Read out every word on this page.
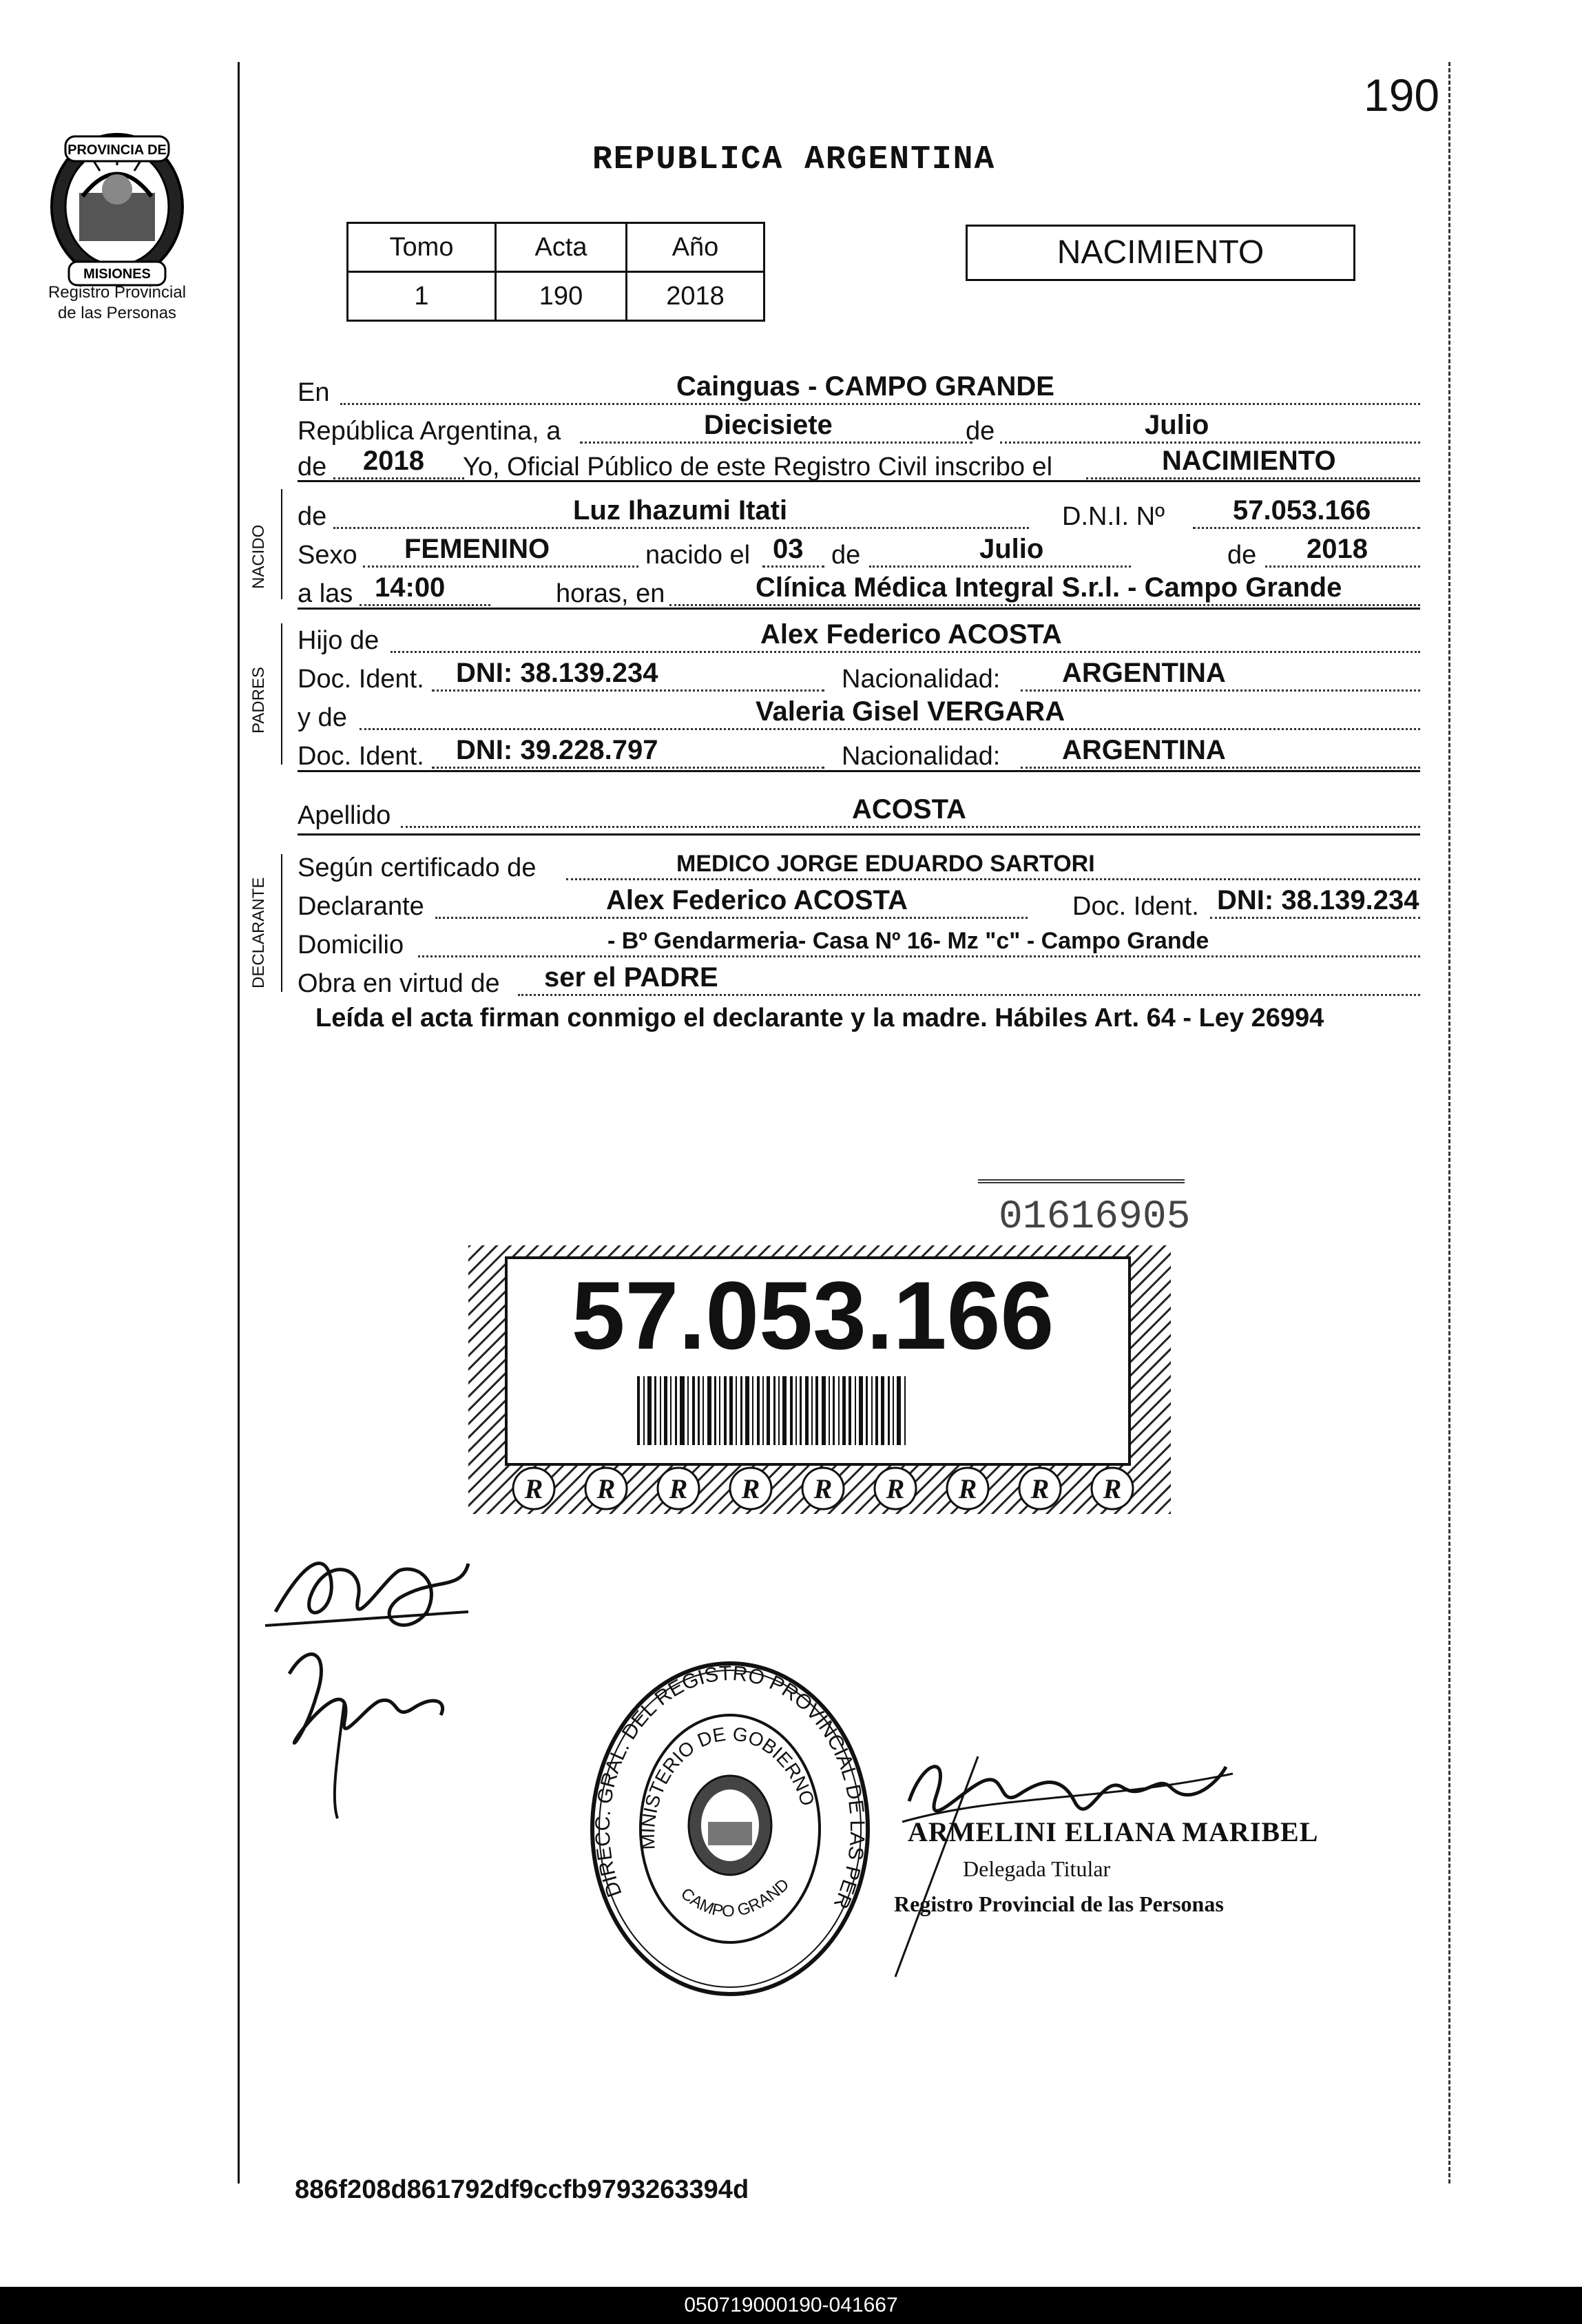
PROVINCIA DE
MISIONES
Registro Provincial
de las Personas
190
REPUBLICA ARGENTINA
Tomo	Acta	Año
1	190	2018
NACIMIENTO
NACIDO
PADRES
DECLARANTE
En	Cainguas - CAMPO GRANDE
República Argentina, a	Diecisiete	de	Julio
de 2018 Yo, Oficial Público de este Registro Civil inscribo el	NACIMIENTO
de	Luz Ihazumi Itati	D.N.I. Nº 57.053.166
Sexo FEMENINO	nacido el 03 de	Julio	de 2018
a las 14:00	horas, en	Clínica Médica Integral S.r.l. - Campo Grande
Hijo de	Alex Federico ACOSTA
Doc. Ident. DNI: 38.139.234	Nacionalidad: ARGENTINA
y de	Valeria Gisel VERGARA
Doc. Ident. DNI: 39.228.797	Nacionalidad: ARGENTINA
Apellido	ACOSTA
Según certificado de	MEDICO JORGE EDUARDO SARTORI
Declarante	Alex Federico ACOSTA	Doc. Ident. DNI: 38.139.234
Domicilio	- Bº Gendarmeria- Casa Nº 16- Mz "c" - Campo Grande
Obra en virtud de ser el PADRE
Leída el acta firman conmigo el declarante y la madre. Hábiles Art. 64 - Ley 26994
01616905
R R R R R R R R R
57.053.166
DIRECC. GRAL. DEL REGISTRO PROVINCIAL DE LAS PER
MINISTERIO DE GOBIERNO
CAMPO GRAND
ARMELINI ELIANA MARIBEL
Delegada Titular
Registro Provincial de las Personas
886f208d861792df9ccfb9793263394d
050719000190-041667
